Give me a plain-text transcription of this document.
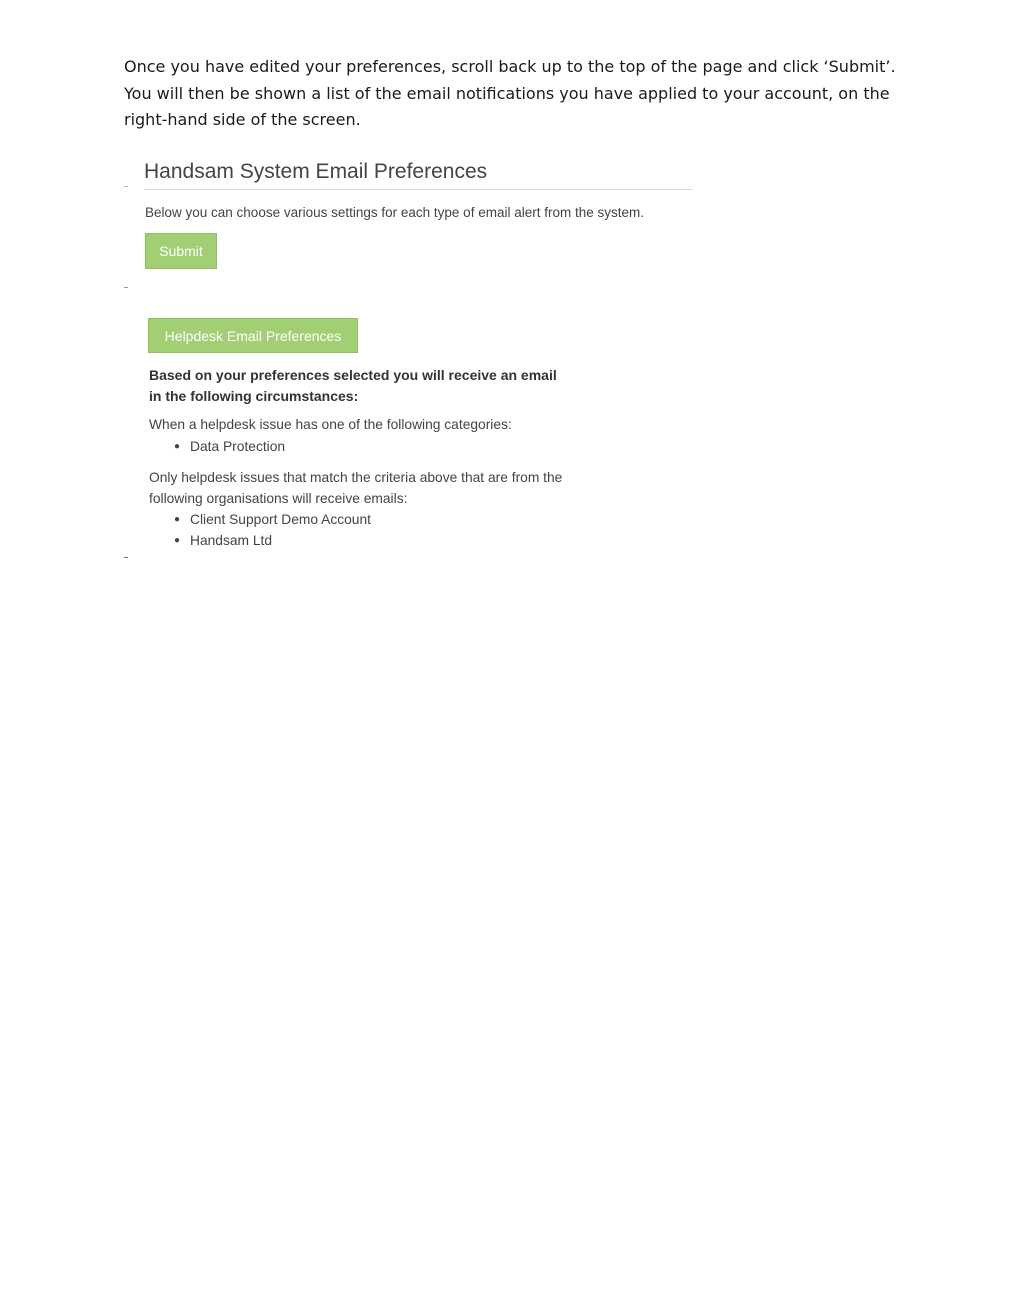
Once you have edited your preferences, scroll back up to the top of the page and click ‘Submit’. You will then be shown a list of the email notifications you have applied to your account, on the right-hand side of the screen.

Handsam System Email Preferences
Below you can choose various settings for each type of email alert from the system.
Submit
Helpdesk Email Preferences

Based on your preferences selected you will receive an email in the following circumstances:

When a helpdesk issue has one of the following categories:
● Data Protection

Only helpdesk issues that match the criteria above that are from the following organisations will receive emails:

● Client Support Demo Account
● Handsam Ltd
